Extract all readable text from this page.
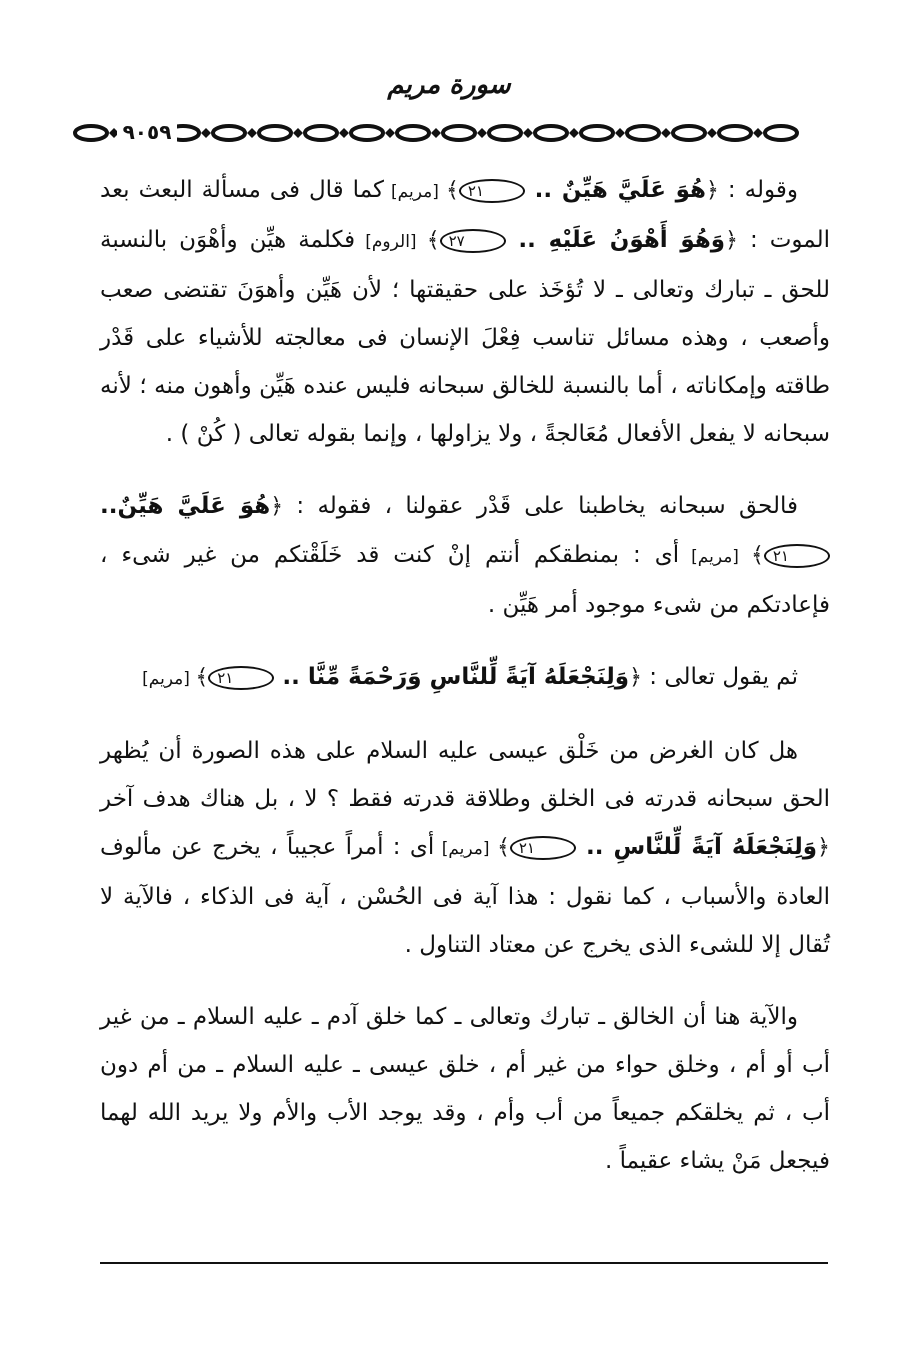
سورة مريم
٩٠٥٩

وقوله : ﴿هُوَ عَلَيَّ هَيِّنٌ .. ٢١﴾ [مريم] كما قال فى مسألة البعث بعد الموت : ﴿وَهُوَ أَهْوَنُ عَلَيْهِ .. ٢٧﴾ [الروم] فكلمة هيِّن وأهْوَن بالنسبة للحق ـ تبارك وتعالى ـ لا تُؤخَذ على حقيقتها ؛ لأن هَيِّن وأهوَنَ تقتضى صعب وأصعب ، وهذه مسائل تناسب فِعْلَ الإنسان فى معالجته للأشياء على قَدْر طاقته وإمكاناته ، أما بالنسبة للخالق سبحانه فليس عنده هَيِّن وأهون منه ؛ لأنه سبحانه لا يفعل الأفعال مُعَالجةً ، ولا يزاولها ، وإنما بقوله تعالى ( كُنْ ) .

فالحق سبحانه يخاطبنا على قَدْر عقولنا ، فقوله : ﴿هُوَ عَلَيَّ هَيِّنٌ.. ٢١﴾ [مريم] أى : بمنطقكم أنتم إنْ كنت قد خَلَقْتكم من غير شىء ، فإعادتكم من شىء موجود أمر هَيِّن .

ثم يقول تعالى : ﴿وَلِنَجْعَلَهُ آيَةً لِّلنَّاسِ وَرَحْمَةً مِّنَّا .. ٢١﴾ [مريم]

هل كان الغرض من خَلْق عيسى عليه السلام على هذه الصورة أن يُظهر الحق سبحانه قدرته فى الخلق وطلاقة قدرته فقط ؟ لا ، بل هناك هدف آخر ﴿وَلِنَجْعَلَهُ آيَةً لِّلنَّاسِ .. ٢١﴾ [مريم] أى : أمراً عجيباً ، يخرج عن مألوف العادة والأسباب ، كما نقول : هذا آية فى الحُسْن ، آية فى الذكاء ، فالآية لا تُقال إلا للشىء الذى يخرج عن معتاد التناول .

والآية هنا أن الخالق ـ تبارك وتعالى ـ كما خلق آدم ـ عليه السلام ـ من غير أب أو أم ، وخلق حواء من غير أم ، خلق عيسى ـ عليه السلام ـ من أم دون أب ، ثم يخلقكم جميعاً من أب وأم ، وقد يوجد الأب والأم ولا يريد الله لهما فيجعل مَنْ يشاء عقيماً .
